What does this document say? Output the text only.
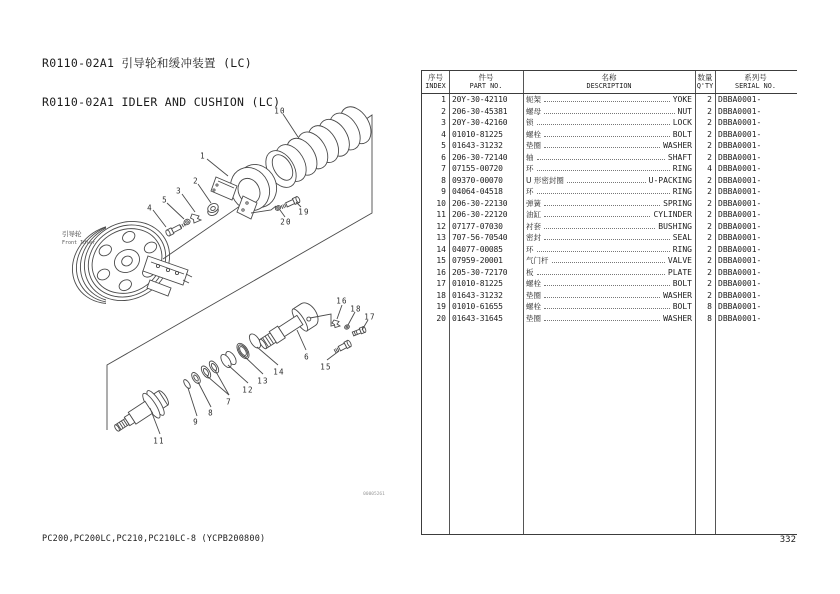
R0110-02A1 引导轮和缓冲装置 (LC)

R0110-02A1 IDLER AND CUSHION (LC)

引导轮
Front Idler
00005261
1
2
3
5
4
10
19
20
11
9
8
7
12
13
14
6
15
16
18
17
序号
INDEX
件号
PART NO.
名称
DESCRIPTION
数量
Q'TY
系列号
SERIAL NO.
1 20Y-30-42110	轭架	YOKE	2 DBBA0001-
2 206-30-45381	螺母	NUT	2 DBBA0001-
3 20Y-30-42160	锁	LOCK	2 DBBA0001-
4 01010-81225	螺栓	BOLT	2 DBBA0001-
5 01643-31232	垫圈	WASHER	2 DBBA0001-
6 206-30-72140	轴	SHAFT	2 DBBA0001-
7 07155-00720	环	RING	4 DBBA0001-
8 09370-00070	U 形密封圈	U-PACKING	2 DBBA0001-
9 04064-04518	环	RING	2 DBBA0001-
10 206-30-22130	弹簧	SPRING	2 DBBA0001-
11 206-30-22120	油缸	CYLINDER	2 DBBA0001-
12 07177-07030	衬套	BUSHING	2 DBBA0001-
13 707-56-70540	密封	SEAL	2 DBBA0001-
14 04077-00085	环	RING	2 DBBA0001-
15 07959-20001	气门杆	VALVE	2 DBBA0001-
16 205-30-72170	板	PLATE	2 DBBA0001-
17 01010-81225	螺栓	BOLT	2 DBBA0001-
18 01643-31232	垫圈	WASHER	2 DBBA0001-
19 01010-61655	螺栓	BOLT	8 DBBA0001-
20 01643-31645	垫圈	WASHER	8 DBBA0001-
PC200,PC200LC,PC210,PC210LC-8 (YCPB200800)	332
